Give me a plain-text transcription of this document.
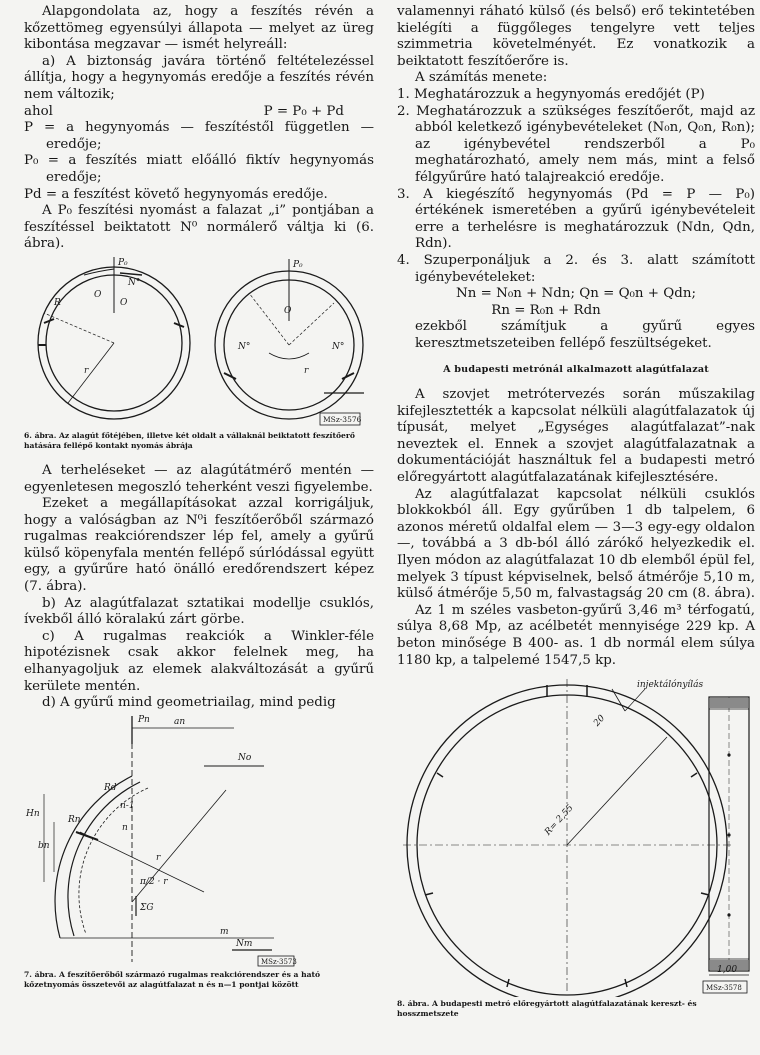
Alapgondolata az, hogy a feszítés révén a kőzettömeg egyensúlyi állapota — melyet az üreg kibontása megzavar — ismét helyreáll:

a) A biztonság javára történő feltételezéssel állítja, hogy a hegynyomás eredője a feszítés révén nem változik;

ahol	P = P₀ + Pd

P = a hegynyomás — feszítéstől független — eredője;

P₀ = a feszítés miatt előálló fiktív hegynyomás eredője;

Pd = a feszítést követő hegynyomás eredője.

A P₀ feszítési nyomást a falazat „i” pontjában a feszítéssel beiktatott N⁰ normálerő váltja ki (6. ábra).

P₀
O
O
r
R
N°
P₀
O
r
N°	N°
MSz-3576

6. ábra. Az alagút főtéjében, illetve két oldalt a vállaknál beiktatott feszítőerő hatására fellépő kontakt nyomás ábrája

A terheléseket — az alagútátmérő mentén — egyenletesen megoszló teherként veszi figyelembe.

Ezeket a megállapításokat azzal korrigáljuk, hogy a valóságban az N⁰i feszítőerőből származó rugalmas reakciórendszer lép fel, amely a gyűrű külső köpenyfala mentén fellépő súrlódással együtt egy, a gyűrűre ható önálló eredőrendszert képez (7. ábra).

b) Az alagútfalazat sztatikai modellje csuklós, ívekből álló köralakú zárt görbe.

c) A rugalmas reakciók a Winkler-féle hipotézisnek csak akkor felelnek meg, ha elhanyagoljuk az elemek alakváltozását a gyűrű kerülete mentén.

d) A gyűrű mind geometriailag, mind pedig

Pn	an
No
Hn
bn
Rn
Rd
n-1
n
r
π/2 · r
ΣG
Nm
m
MSz-3573

7. ábra. A feszítőerőből származó rugalmas reakciórendszer és a ható kőzetnyomás összetevői az alagútfalazat n és n—1 pontjai között

valamennyi ráható külső (és belső) erő tekintetében kielégíti a függőleges tengelyre vett teljes szimmetria követelményét. Ez vonatkozik a beiktatott feszítőerőre is.

A számítás menete:

1. Meghatározzuk a hegynyomás eredőjét (P)

2. Meghatározzuk a szükséges feszítőerőt, majd az abból keletkező igénybevételeket (N₀n, Q₀n, R₀n); az igénybevétel rendszerből a P₀ meghatározható, amely nem más, mint a felső félgyűrűre ható talajreakció eredője.

3. A kiegészítő hegynyomás (Pd = P — P₀) értékének ismeretében a gyűrű igénybevételeit erre a terhelésre is meghatározzuk (Ndn, Qdn, Rdn).

4. Szuperponáljuk a 2. és 3. alatt számított igénybevételeket:

Nn = N₀n + Ndn; Qn = Q₀n + Qdn;

Rn = R₀n + Rdn

ezekből számítjuk a gyűrű egyes keresztmetszeteiben fellépő feszültségeket.

A budapesti metrónál alkalmazott alagútfalazat

A szovjet metrótervezés során műszakilag kifejlesztették a kapcsolat nélküli alagútfalazatok új típusát, melyet „Egységes alagútfalazat”-nak neveztek el. Ennek a szovjet alagútfalazatnak a dokumentációját használtuk fel a budapesti metró előregyártott alagútfalazatának kifejlesztésére.

Az alagútfalazat kapcsolat nélküli csuklós blokkokból áll. Egy gyűrűben 1 db talpelem, 6 azonos méretű oldalfal elem — 3—3 egy-egy oldalon —, továbbá a 3 db-ból álló zárókő helyezkedik el. Ilyen módon az alagútfalazat 10 db elemből épül fel, melyek 3 típust képviselnek, belső átmérője 5,10 m, külső átmérője 5,50 m, falvastagság 20 cm (8. ábra).

Az 1 m széles vasbeton-gyűrű 3,46 m³ térfogatú, súlya 8,68 Mp, az acélbetét mennyisége 229 kp. A beton minősége B 400- as. 1 db normál elem súlya 1180 kp, a talpelemé 1547,5 kp.

injektálónyílás
R= 2,55
20
1,00
MSz-3578

8. ábra. A budapesti metró előregyártott alagútfalazatának kereszt- és hosszmetszete
